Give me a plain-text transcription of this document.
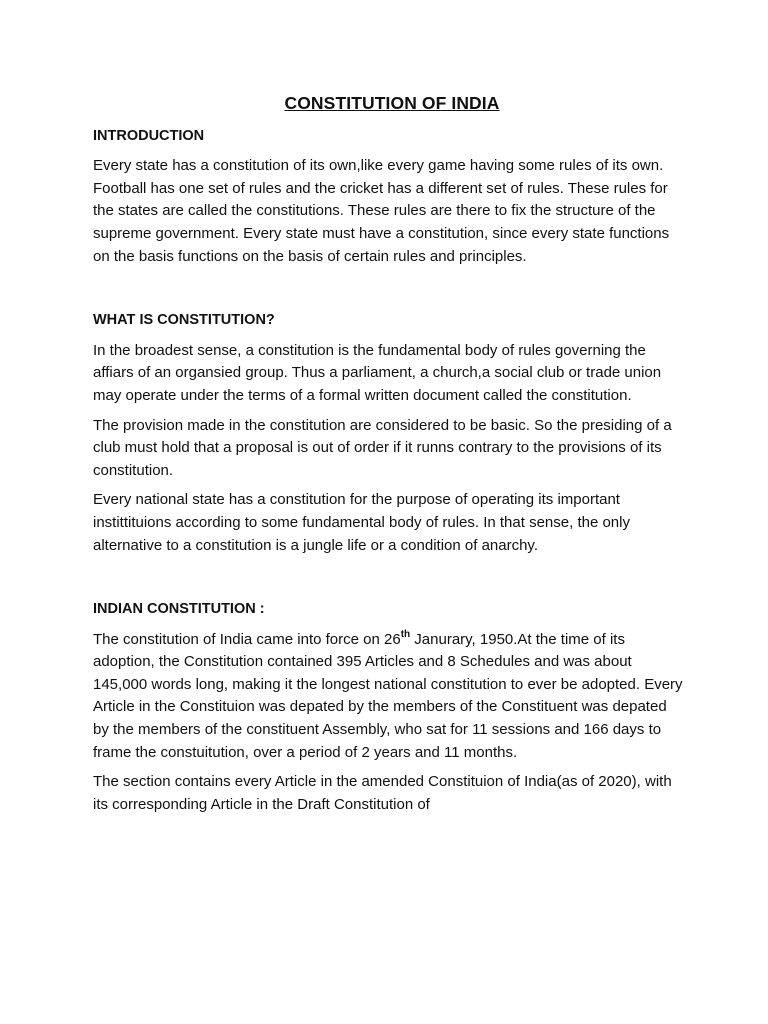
CONSTITUTION OF INDIA
INTRODUCTION

Every state has a constitution of its own,like every game having some rules of its own. Football has one set of rules and the cricket has a different set of rules. These rules for the states are called the constitutions. These rules are there to fix the structure of the supreme government. Every state must have a constitution, since every state functions on the basis functions on the basis of certain rules and principles.

WHAT IS CONSTITUTION?

In the broadest sense, a constitution is the fundamental body of rules governing the affiars of an organsied group. Thus a parliament, a church,a social club or trade union may operate under the terms of a formal written document called the constitution.

The provision made in the constitution are considered to be basic. So the presiding of a club must hold that a proposal is out of order if it runns contrary to the provisions of its constitution.

Every national state has a constitution for the purpose of operating its important instittituions according to some fundamental body of rules. In that sense, the only alternative to a constitution is a jungle life or a condition of anarchy.

INDIAN CONSTITUTION :

The constitution of India came into force on 26th Janurary, 1950.At the time of its adoption, the Constitution contained 395 Articles and 8 Schedules and was about 145,000 words long, making it the longest national constitution to ever be adopted. Every Article in the Constituion was depated by the members of the Constituent was depated by the members of the constituent Assembly, who sat for 11 sessions and 166 days to frame the constuitution, over a period of 2 years and 11 months.

The section contains every Article in the amended Constituion of India(as of 2020), with its corresponding Article in the Draft Constitution of
